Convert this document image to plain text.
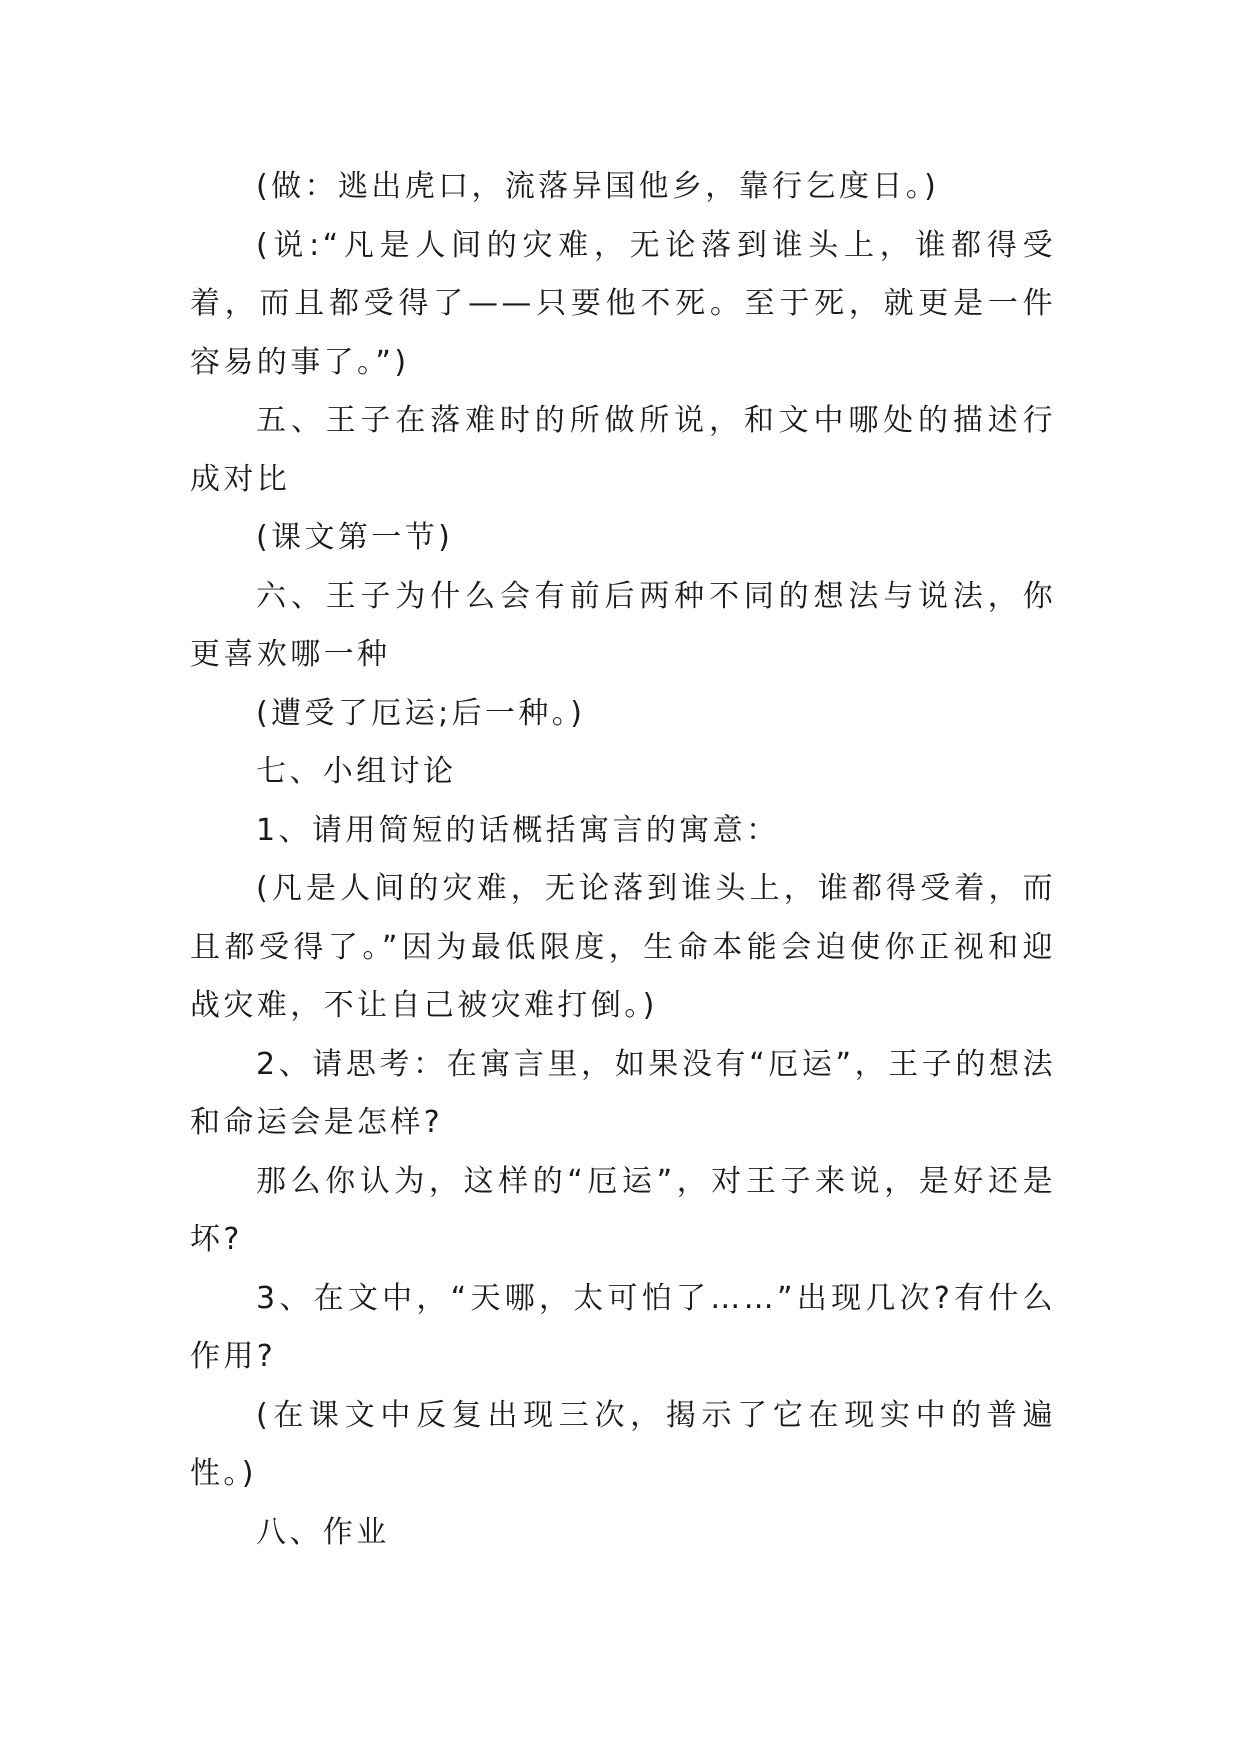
(做：逃出虎口，流落异国他乡，靠行乞度日。)

(说:“凡是人间的灾难，无论落到谁头上，谁都得受着，而且都受得了——只要他不死。至于死，就更是一件容易的事了。”)

五、王子在落难时的所做所说，和文中哪处的描述行成对比

(课文第一节)

六、王子为什么会有前后两种不同的想法与说法，你更喜欢哪一种

(遭受了厄运;后一种。)

七、小组讨论

1、请用简短的话概括寓言的寓意：

(凡是人间的灾难，无论落到谁头上，谁都得受着，而且都受得了。”因为最低限度，生命本能会迫使你正视和迎战灾难，不让自己被灾难打倒。)

2、请思考：在寓言里，如果没有“厄运”，王子的想法和命运会是怎样?

那么你认为，这样的“厄运”，对王子来说，是好还是坏?

3、在文中，“天哪，太可怕了……”出现几次?有什么作用?

(在课文中反复出现三次，揭示了它在现实中的普遍性。)

八、作业
